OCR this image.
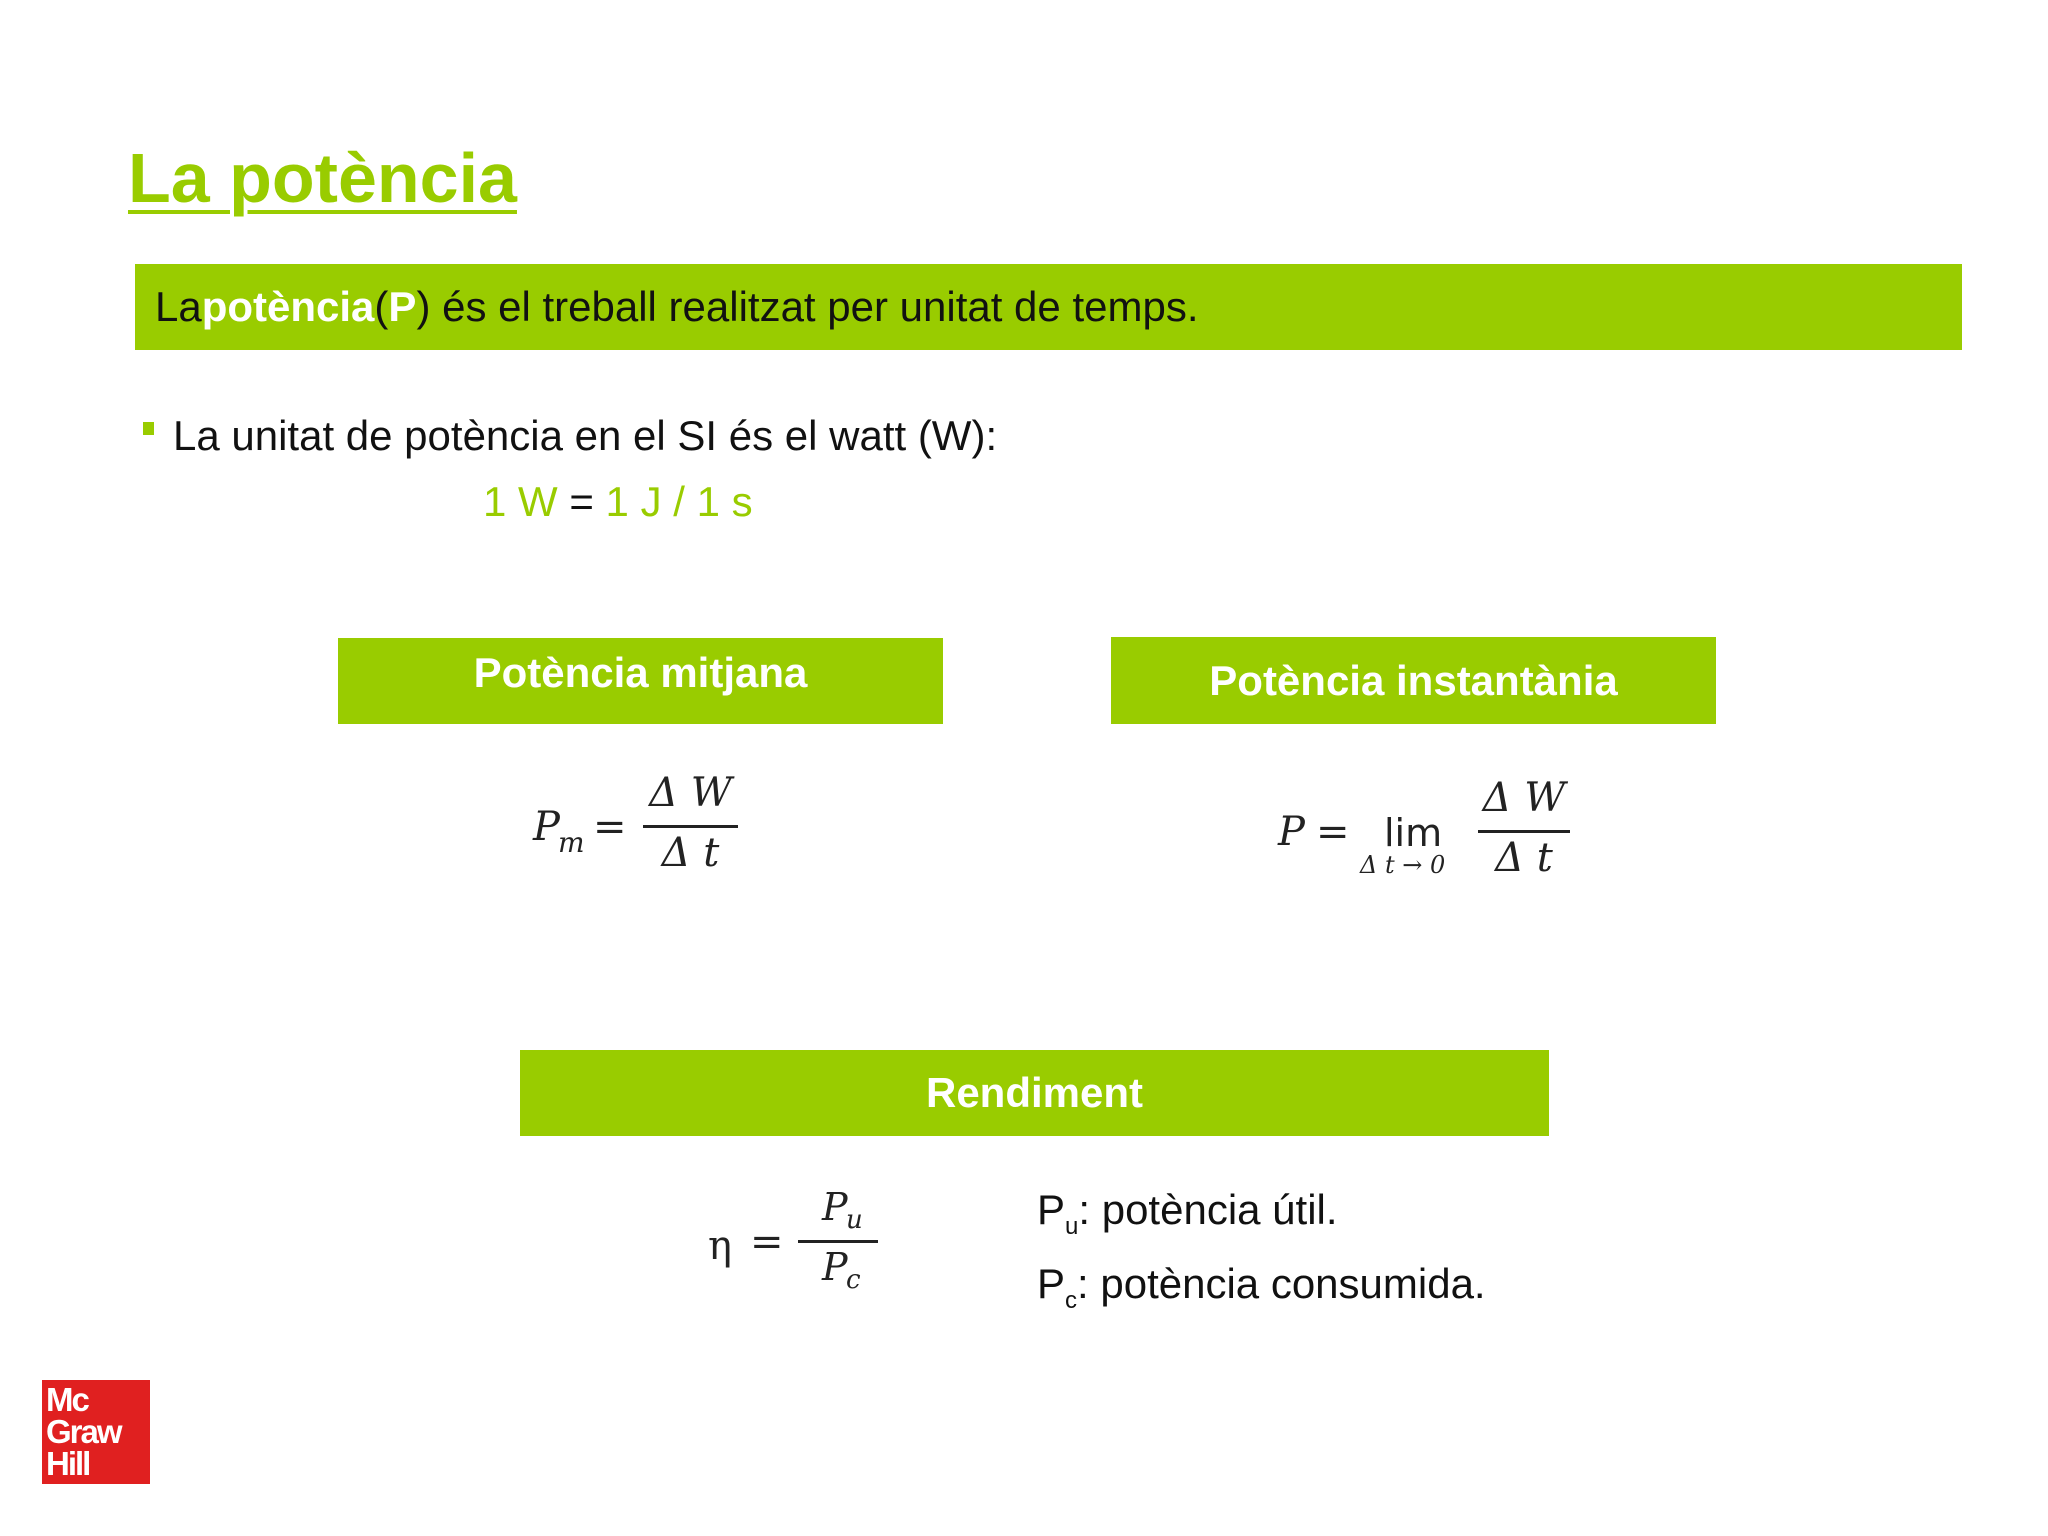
La potència
La potència ( P ) és el treball realitzat per unitat de temps.
La unitat de potència en el SI és el watt (W):
1 W = 1 J / 1 s
Potència mitjana	Potència instantània
Rendiment
P
m =
Δ W
Δ t	P = lim
Δ t → 0
Δ W
Δ t
η =
P
u
P
c
$P_u$: potència útil.
$P_c$: potència consumida.
Mc
Graw
Hill
